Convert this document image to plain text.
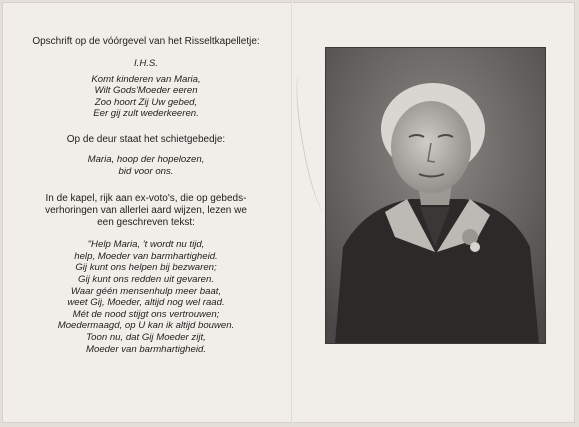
Opschrift op de vóórgevel van het Risseltkapelletje:

I.H.S.

Komt kinderen van Maria,

Wilt Gods'Moeder eeren

Zoo hoort Zij Uw gebed,

Eer gij zult wederkeeren.

Op de deur staat het schietgebedje:

Maria, hoop der hopelozen,

bid voor ons.

In de kapel, rijk aan ex-voto's, die op gebeds-

verhoringen van allerlei aard wijzen, lezen we

een geschreven tekst:

"Help Maria, 't wordt nu tijd,

help, Moeder van barmhartigheid.

Gij kunt ons helpen bij bezwaren;

Gij kunt ons redden uit gevaren.

Waar géén mensenhulp meer baat,

weet Gij, Moeder, altijd nog wel raad.

Mét de nood stijgt ons vertrouwen;

Moedermaagd, op U kan ik altijd bouwen.

Toon nu, dat Gij Moeder zijt,

Moeder van barmhartigheid.
